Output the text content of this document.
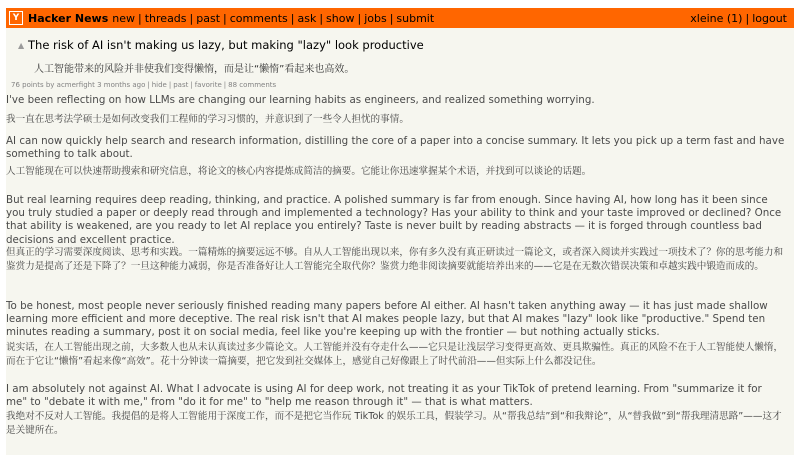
Y Hacker News new | threads | past | comments | ask | show | jobs | submit	xleine (1) | logout
▲ The risk of AI isn't making us lazy, but making "lazy" look productive
人工智能带来的风险并非使我们变得懒惰，而是让“懒惰”看起来也高效。
76 points by acmerfight 3 months ago | hide | past | favorite | 88 comments

I've been reflecting on how LLMs are changing our learning habits as engineers, and realized something worrying.

我一直在思考法学硕士是如何改变我们工程师的学习习惯的，并意识到了一些令人担忧的事情。

AI can now quickly help search and research information, distilling the core of a paper into a concise summary. It lets you pick up a term fast and have something to talk about.

人工智能现在可以快速帮助搜索和研究信息，将论文的核心内容提炼成简洁的摘要。它能让你迅速掌握某个术语，并找到可以谈论的话题。

But real learning requires deep reading, thinking, and practice. A polished summary is far from enough. Since having AI, how long has it been since you truly studied a paper or deeply read through and implemented a technology? Has your ability to think and your taste improved or declined? Once that ability is weakened, are you ready to let AI replace you entirely? Taste is never built by reading abstracts — it is forged through countless bad decisions and excellent practice.

但真正的学习需要深度阅读、思考和实践。一篇精炼的摘要远远不够。自从人工智能出现以来，你有多久没有真正研读过一篇论文，或者深入阅读并实践过一项技术了？你的思考能力和鉴赏力是提高了还是下降了？一旦这种能力减弱，你是否准备好让人工智能完全取代你？鉴赏力绝非阅读摘要就能培养出来的——它是在无数次错误决策和卓越实践中锻造而成的。

To be honest, most people never seriously finished reading many papers before AI either. AI hasn't taken anything away — it has just made shallow learning more efficient and more deceptive. The real risk isn't that AI makes people lazy, but that AI makes "lazy" look like "productive." Spend ten minutes reading a summary, post it on social media, feel like you're keeping up with the frontier — but nothing actually sticks.

说实话，在人工智能出现之前，大多数人也从未认真读过多少篇论文。人工智能并没有夺走什么——它只是让浅层学习变得更高效、更具欺骗性。真正的风险不在于人工智能使人懒惰，而在于它让“懒惰”看起来像“高效”。花十分钟读一篇摘要，把它发到社交媒体上，感觉自己好像跟上了时代前沿——但实际上什么都没记住。

I am absolutely not against AI. What I advocate is using AI for deep work, not treating it as your TikTok of pretend learning. From "summarize it for me" to "debate it with me," from "do it for me" to "help me reason through it" — that is what matters.

我绝对不反对人工智能。我提倡的是将人工智能用于深度工作，而不是把它当作玩 TikTok 的娱乐工具，假装学习。从“帮我总结”到“和我辩论”，从“替我做”到“帮我理清思路”——这才是关键所在。
